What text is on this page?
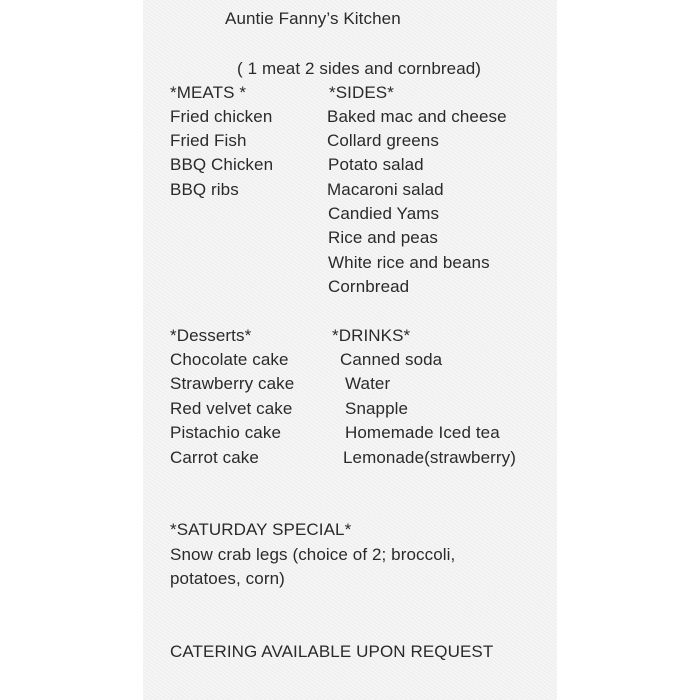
Auntie Fanny’s Kitchen
( 1 meat 2 sides and cornbread)
*MEATS *
Fried chicken
Fried Fish
BBQ Chicken
BBQ ribs
*SIDES*
Baked mac and cheese
Collard greens
Potato salad
Macaroni salad
Candied Yams
Rice and peas
White rice and beans
Cornbread
*Desserts*
Chocolate cake
Strawberry cake
Red velvet cake
Pistachio cake
Carrot cake
*DRINKS*
Canned soda
Water
Snapple
Homemade Iced tea
Lemonade(strawberry)
*SATURDAY SPECIAL*
Snow crab legs (choice of 2; broccoli,
potatoes, corn)
CATERING AVAILABLE UPON REQUEST
